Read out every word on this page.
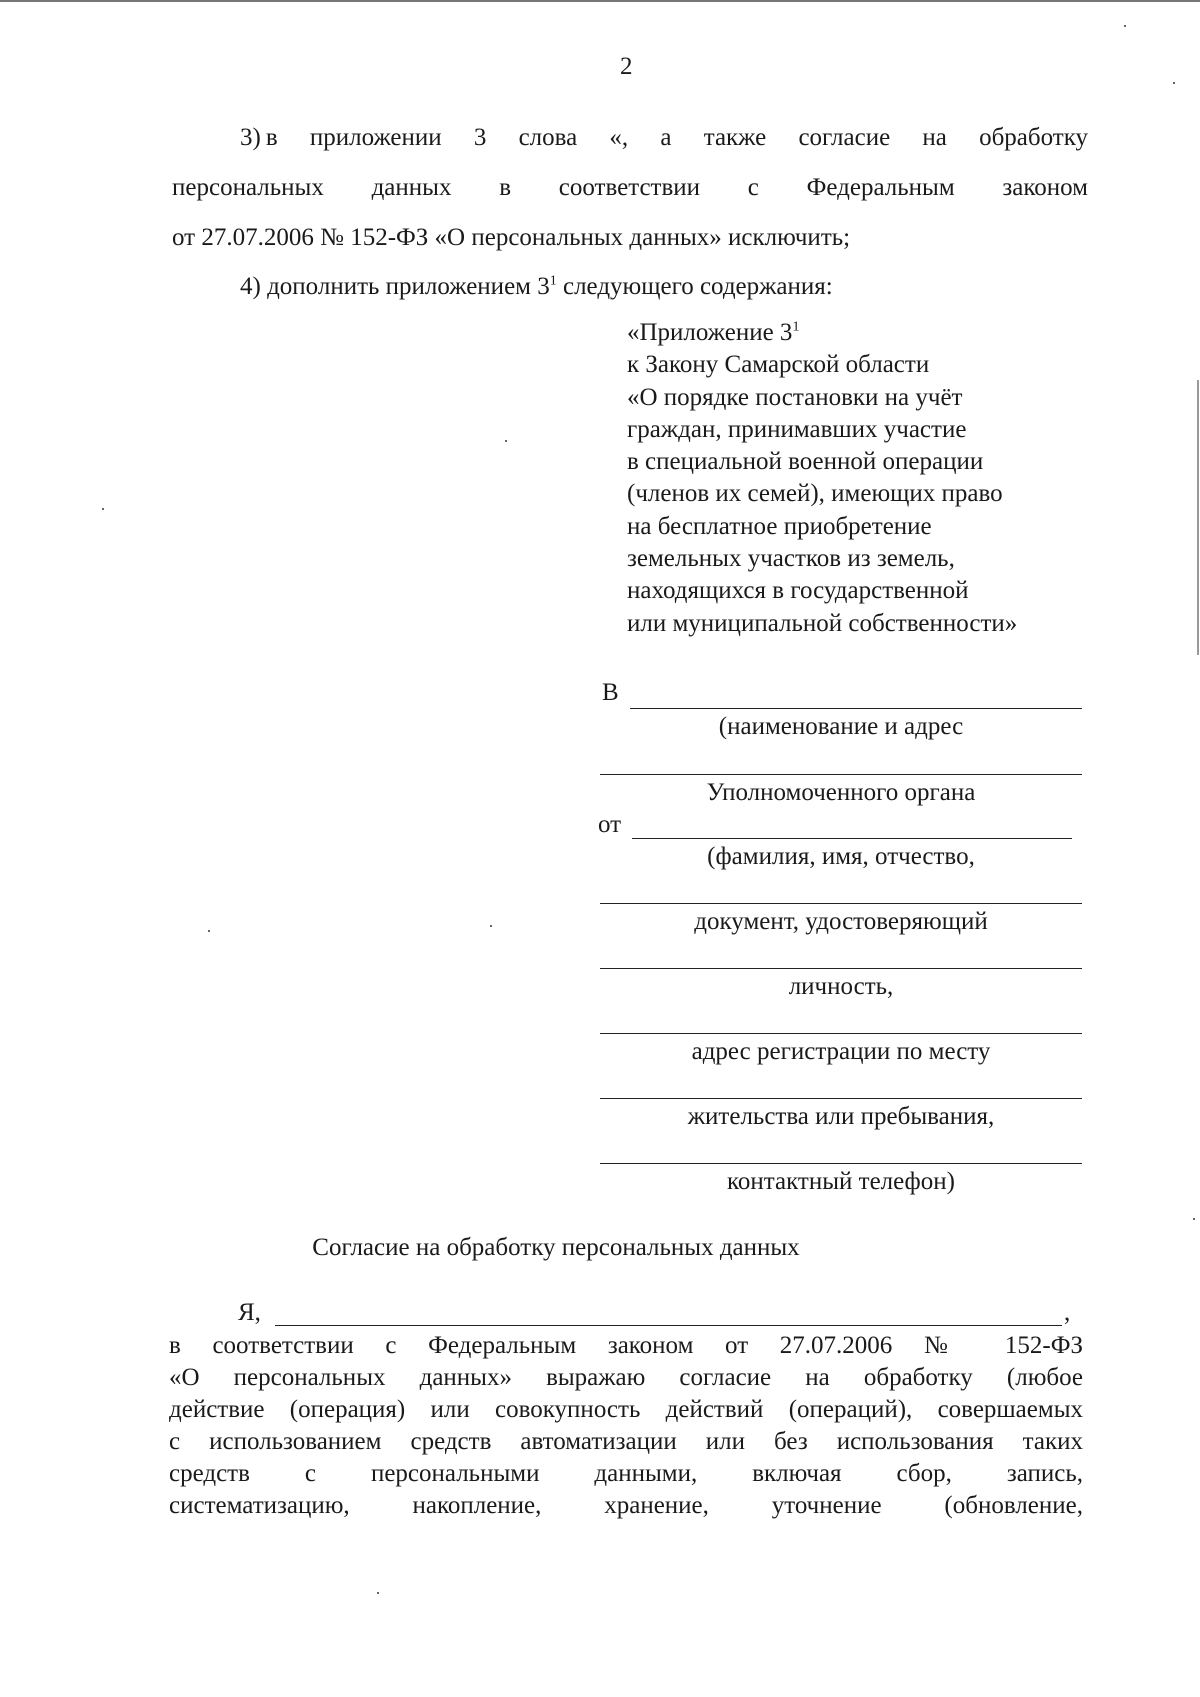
2
3) в приложении 3 слова «, а также согласие на обработку
персональных данных в соответствии с Федеральным законом
от 27.07.2006 № 152-ФЗ «О персональных данных» исключить;
4) дополнить приложением $3^1$ следующего содержания:
«Приложение $3^1$
к Закону Самарской области
«О порядке постановки на учёт
граждан, принимавших участие
в специальной военной операции
(членов их семей), имеющих право
на бесплатное приобретение
земельных участков из земель,
находящихся в государственной
или муниципальной собственности»
В
(наименование и адрес
Уполномоченного органа
от
(фамилия, имя, отчество,
документ, удостоверяющий
личность,
адрес регистрации по месту
жительства или пребывания,
контактный телефон)
Согласие на обработку персональных данных
Я,	,
в соответствии с Федеральным законом от 27.07.2006 № 152-ФЗ
«О персональных данных» выражаю согласие на обработку (любое
действие (операция) или совокупность действий (операций), совершаемых
с использованием средств автоматизации или без использования таких
средств с персональными данными, включая сбор, запись,
систематизацию, накопление, хранение, уточнение (обновление,
